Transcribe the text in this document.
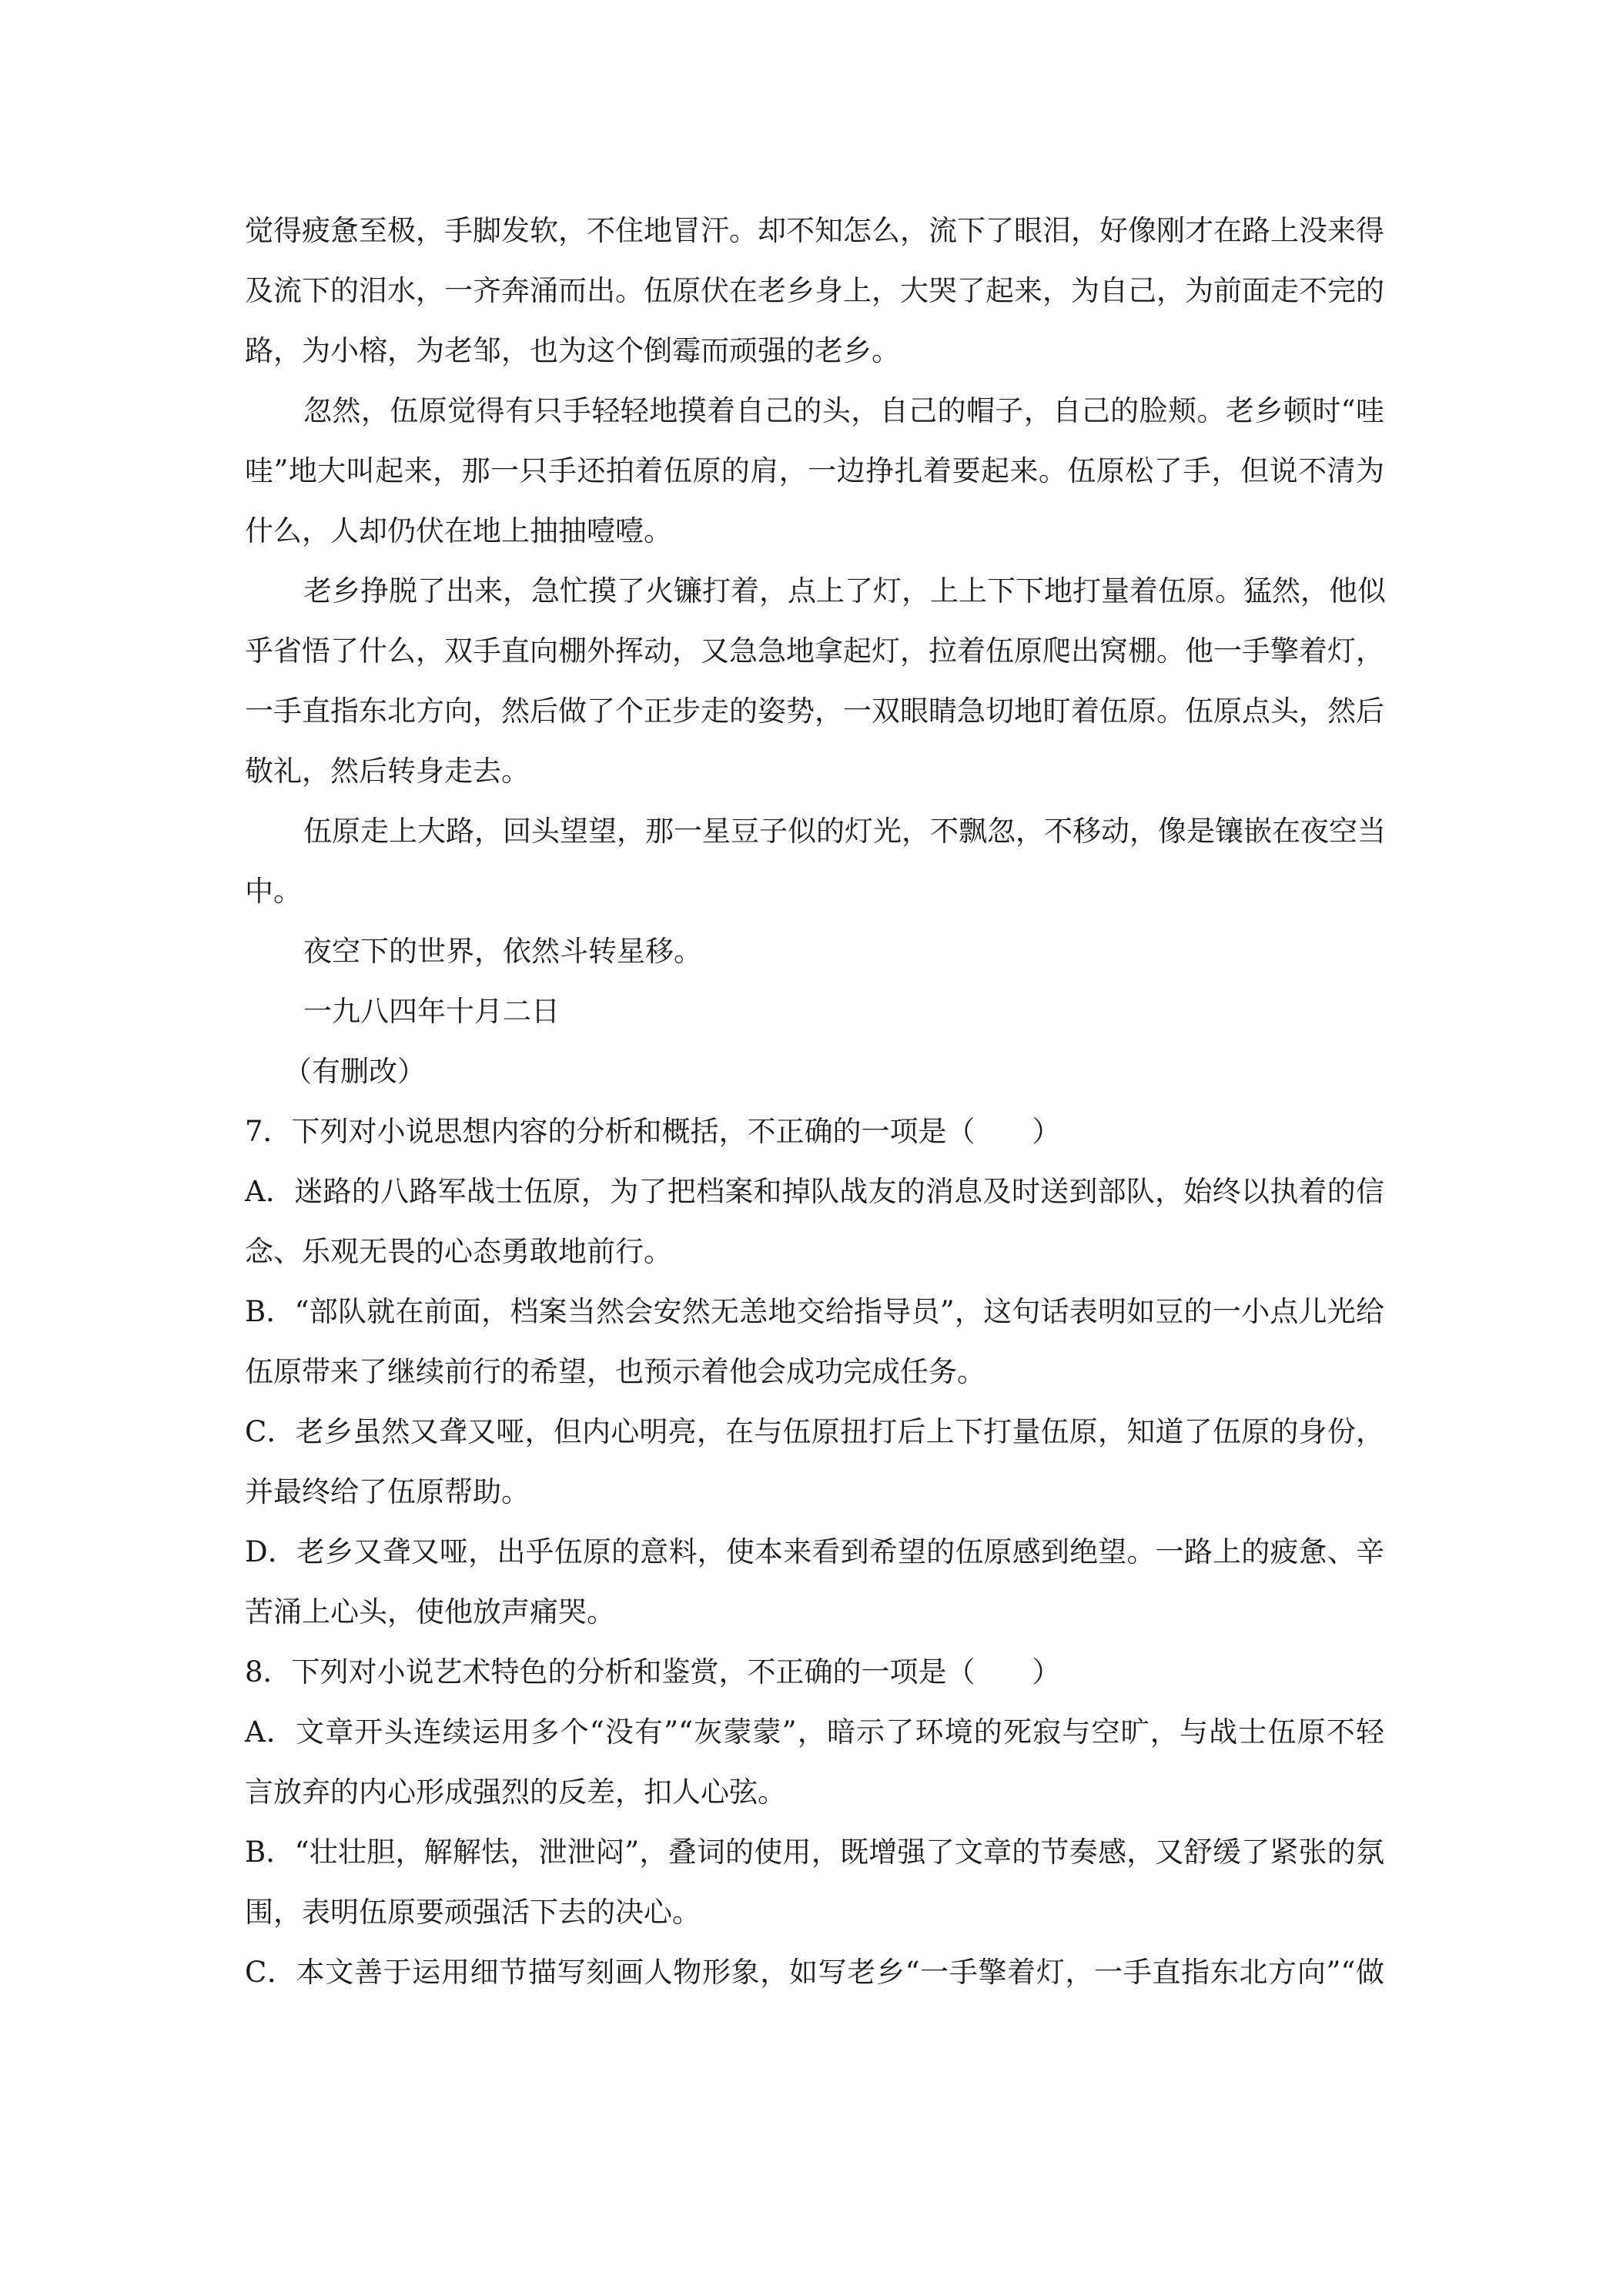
觉得疲惫至极，手脚发软，不住地冒汗。却不知怎么，流下了眼泪，好像刚才在路上没来得
及流下的泪水，一齐奔涌而出。伍原伏在老乡身上，大哭了起来，为自己，为前面走不完的
路，为小榕，为老邹，也为这个倒霉而顽强的老乡。
忽然，伍原觉得有只手轻轻地摸着自己的头，自己的帽子，自己的脸颊。老乡顿时“哇
哇”地大叫起来，那一只手还拍着伍原的肩，一边挣扎着要起来。伍原松了手，但说不清为
什么，人却仍伏在地上抽抽噎噎。
老乡挣脱了出来，急忙摸了火镰打着，点上了灯，上上下下地打量着伍原。猛然，他似
乎省悟了什么，双手直向棚外挥动，又急急地拿起灯，拉着伍原爬出窝棚。他一手擎着灯，
一手直指东北方向，然后做了个正步走的姿势，一双眼睛急切地盯着伍原。伍原点头，然后
敬礼，然后转身走去。
伍原走上大路，回头望望，那一星豆子似的灯光，不飘忽，不移动，像是镶嵌在夜空当
中。
夜空下的世界，依然斗转星移。
一九八四年十月二日
（有删改）
7．下列对小说思想内容的分析和概括，不正确的一项是（　　）
A．迷路的八路军战士伍原，为了把档案和掉队战友的消息及时送到部队，始终以执着的信
念、乐观无畏的心态勇敢地前行。
B．“部队就在前面，档案当然会安然无恙地交给指导员”，这句话表明如豆的一小点儿光给
伍原带来了继续前行的希望，也预示着他会成功完成任务。
C．老乡虽然又聋又哑，但内心明亮，在与伍原扭打后上下打量伍原，知道了伍原的身份，
并最终给了伍原帮助。
D．老乡又聋又哑，出乎伍原的意料，使本来看到希望的伍原感到绝望。一路上的疲惫、辛
苦涌上心头，使他放声痛哭。
8．下列对小说艺术特色的分析和鉴赏，不正确的一项是（　　）
A．文章开头连续运用多个“没有”“灰蒙蒙”，暗示了环境的死寂与空旷，与战士伍原不轻
言放弃的内心形成强烈的反差，扣人心弦。
B．“壮壮胆，解解怯，泄泄闷”，叠词的使用，既增强了文章的节奏感，又舒缓了紧张的氛
围，表明伍原要顽强活下去的决心。
C．本文善于运用细节描写刻画人物形象，如写老乡“一手擎着灯，一手直指东北方向”“做
